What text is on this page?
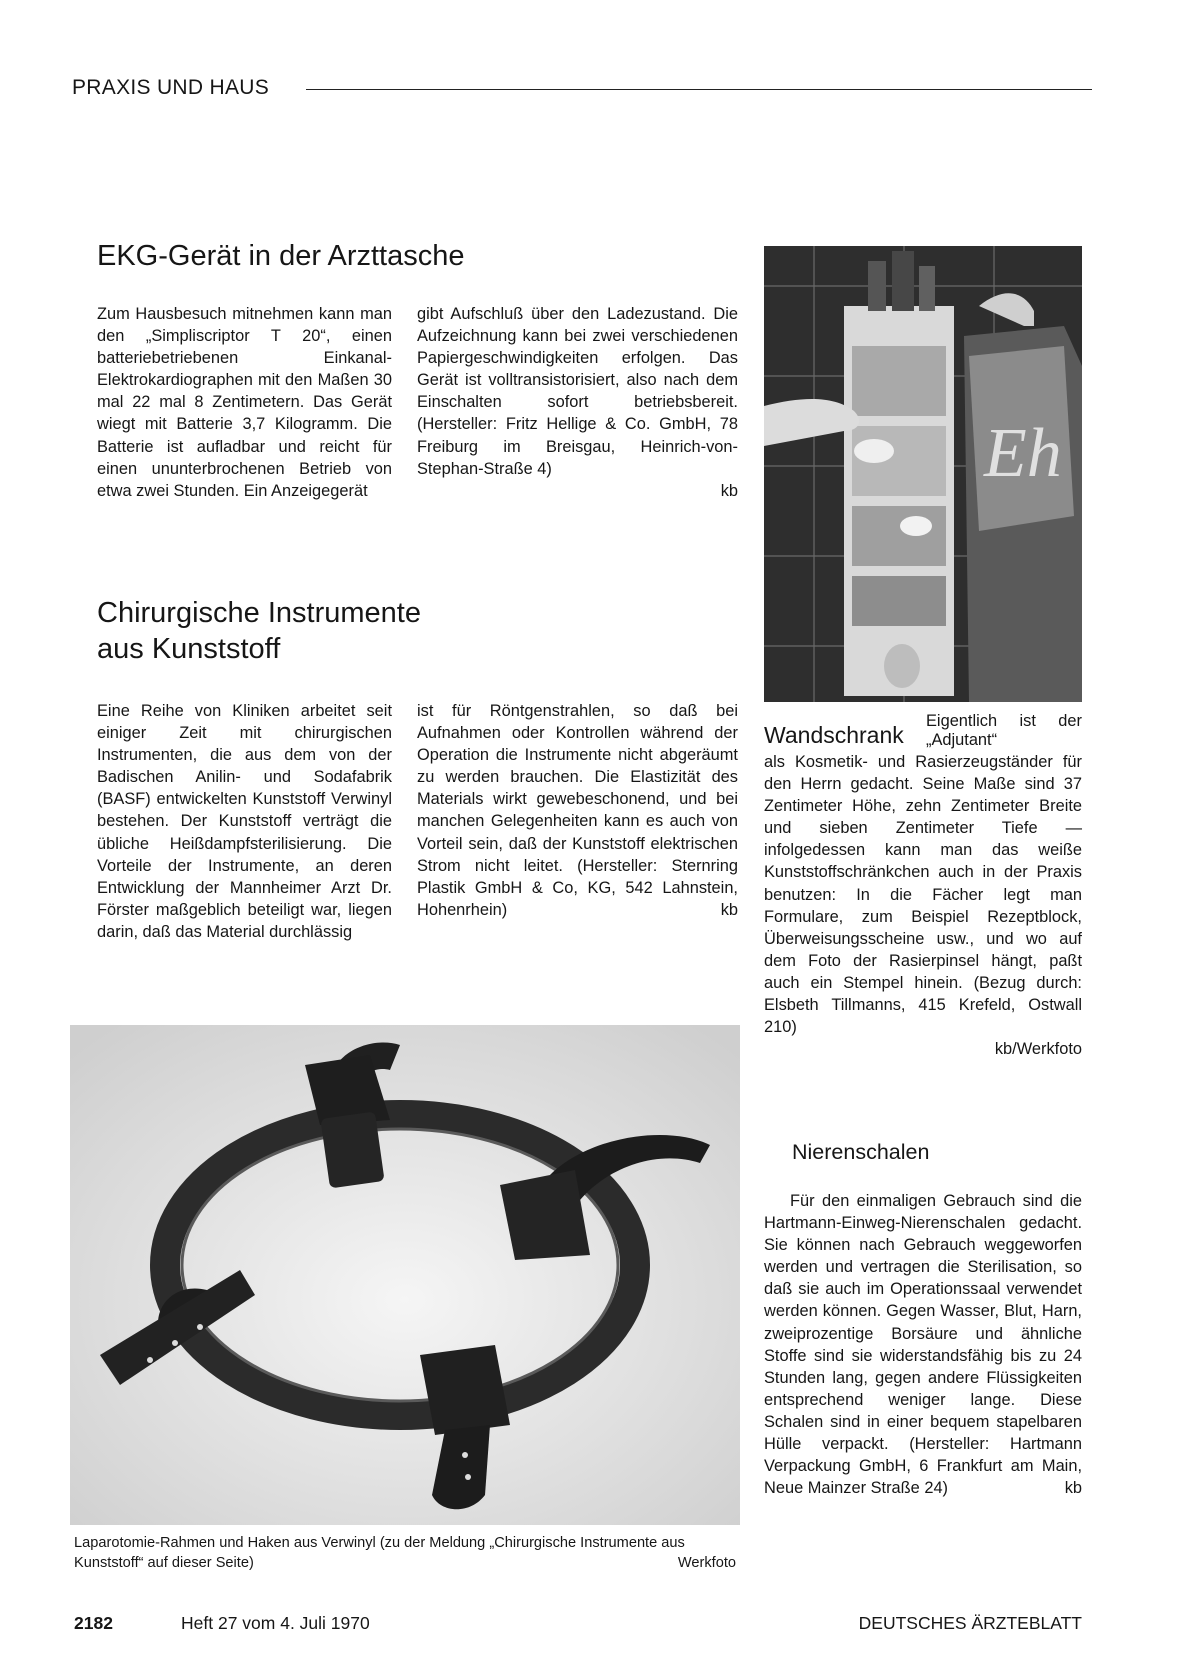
PRAXIS UND HAUS
EKG-Gerät in der Arzttasche

Zum Hausbesuch mitnehmen kann man den „Simpliscriptor T 20“, einen batteriebetriebenen Einkanal-Elektrokardiographen mit den Maßen 30 mal 22 mal 8 Zentimetern. Das Gerät wiegt mit Batterie 3,7 Kilogramm. Die Batterie ist aufladbar und reicht für einen ununterbrochenen Betrieb von etwa zwei Stunden. Ein Anzeigegerät

gibt Aufschluß über den Ladezustand. Die Aufzeichnung kann bei zwei verschiedenen Papiergeschwindigkeiten erfolgen. Das Gerät ist volltransistorisiert, also nach dem Einschalten sofort betriebsbereit. (Hersteller: Fritz Hellige & Co. GmbH, 78 Freiburg im Breisgau, Heinrich-von-Stephan-Straße 4)

kb

Chirurgische Instrumente
aus Kunststoff

Eine Reihe von Kliniken arbeitet seit einiger Zeit mit chirurgischen Instrumenten, die aus dem von der Badischen Anilin- und Sodafabrik (BASF) entwickelten Kunststoff Verwinyl bestehen. Der Kunststoff verträgt die übliche Heißdampfsterilisierung. Die Vorteile der Instrumente, an deren Entwicklung der Mannheimer Arzt Dr. Förster maßgeblich beteiligt war, liegen darin, daß das Material durchlässig

ist für Röntgenstrahlen, so daß bei Aufnahmen oder Kontrollen während der Operation die Instrumente nicht abgeräumt zu werden brauchen. Die Elastizität des Materials wirkt gewebeschonend, und bei manchen Gelegenheiten kann es auch von Vorteil sein, daß der Kunststoff elektrischen Strom nicht leitet. (Hersteller: Sternring Plastik GmbH & Co, KG, 542 Lahnstein, Hohenrhein)	kb

Laparotomie-Rahmen und Haken aus Verwinyl (zu der Meldung „Chirurgische Instrumente aus Kunststoff“ auf dieser Seite)	Werkfoto
Eh
Wandschrank
Eigentlich ist der „Adjutant“

als Kosmetik- und Rasierzeugständer für den Herrn gedacht. Seine Maße sind 37 Zentimeter Höhe, zehn Zentimeter Breite und sieben Zentimeter Tiefe — infolgedessen kann man das weiße Kunststoffschränkchen auch in der Praxis benutzen: In die Fächer legt man Formulare, zum Beispiel Rezeptblock, Überweisungsscheine usw., und wo auf dem Foto der Rasierpinsel hängt, paßt auch ein Stempel hinein. (Bezug durch: Elsbeth Tillmanns, 415 Krefeld, Ostwall 210)

kb/Werkfoto

Nierenschalen

Für den einmaligen Gebrauch sind die Hartmann-Einweg-Nierenschalen gedacht. Sie können nach Gebrauch weggeworfen werden und vertragen die Sterilisation, so daß sie auch im Operationssaal verwendet werden können. Gegen Wasser, Blut, Harn, zweiprozentige Borsäure und ähnliche Stoffe sind sie widerstandsfähig bis zu 24 Stunden lang, gegen andere Flüssigkeiten entsprechend weniger lange. Diese Schalen sind in einer bequem stapelbaren Hülle verpackt. (Hersteller: Hartmann Verpackung GmbH, 6 Frankfurt am Main, Neue Mainzer Straße 24)	kb

2182	Heft 27 vom 4. Juli 1970	DEUTSCHES ÄRZTEBLATT
